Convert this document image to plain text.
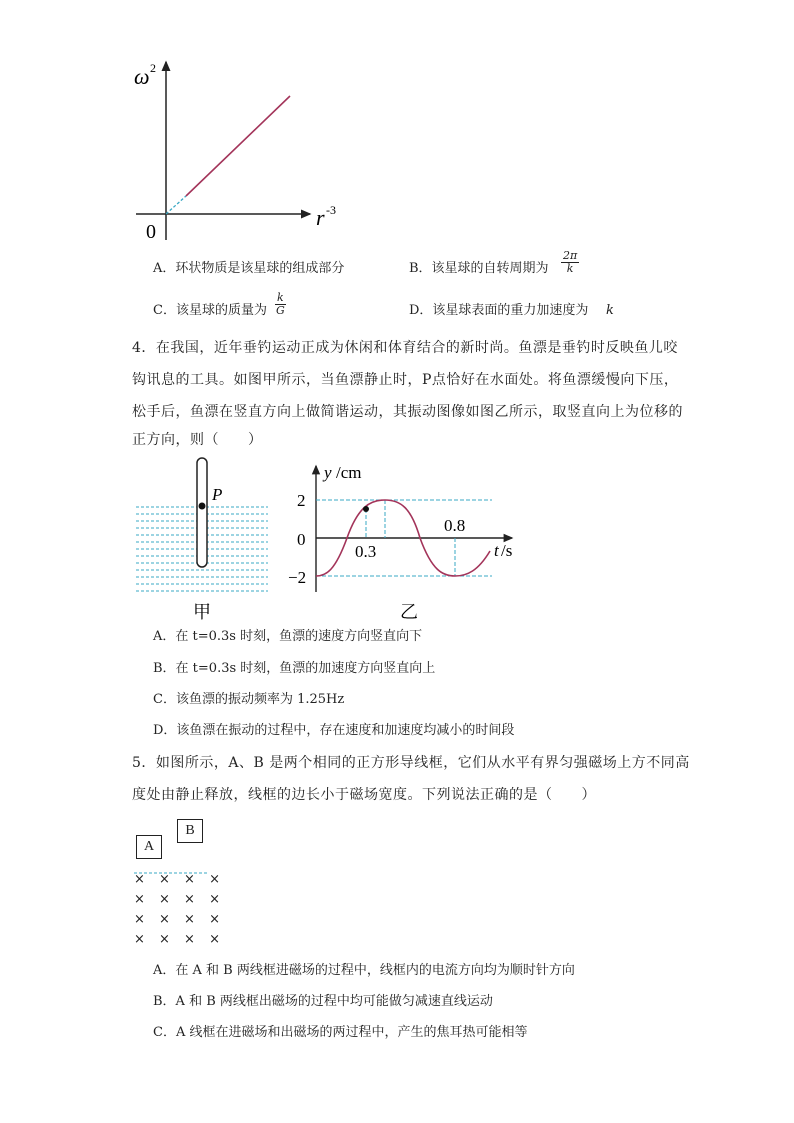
ω 2
r -3
0
A．环状物质是该星球的组成部分	B．该星球的自转周期为 $\frac{2\pi}{k}$
C．该星球的质量为 $\frac{k}{G}$	D．该星球表面的重力加速度为 k
4．在我国，近年垂钓运动正成为休闲和体育结合的新时尚。鱼漂是垂钓时反映鱼儿咬
钩讯息的工具。如图甲所示，当鱼漂静止时，P点恰好在水面处。将鱼漂缓慢向下压，
松手后，鱼漂在竖直方向上做简谐运动，其振动图像如图乙所示，取竖直向上为位移的
正方向，则（　　）
P
甲
y /cm
t /s
2
0
−2
0.3
0.8
乙
A．在 t=0.3s 时刻，鱼漂的速度方向竖直向下
B．在 t=0.3s 时刻，鱼漂的加速度方向竖直向上
C．该鱼漂的振动频率为 1.25Hz
D．该鱼漂在振动的过程中，存在速度和加速度均减小的时间段
5．如图所示，A、B 是两个相同的正方形导线框，它们从水平有界匀强磁场上方不同高
度处由静止释放，线框的边长小于磁场宽度。下列说法正确的是（　　）
B
A
× × × ×
× × × ×
× × × ×
× × × ×
A．在 A 和 B 两线框进磁场的过程中，线框内的电流方向均为顺时针方向
B．A 和 B 两线框出磁场的过程中均可能做匀减速直线运动
C．A 线框在进磁场和出磁场的两过程中，产生的焦耳热可能相等
